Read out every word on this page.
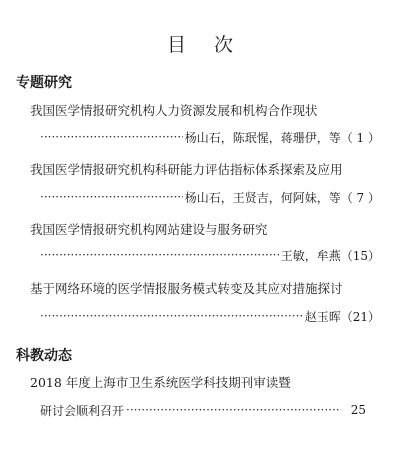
目次
专题研究
我国医学情报研究机构人力资源发展和机构合作现状
·····
杨山石，陈珉惺，蒋珊伊，等 （ 1 ）
我国医学情报研究机构科研能力评估指标体系探索及应用
·····
杨山石，王贤吉，何阿妹，等 （ 7 ）
我国医学情报研究机构网站建设与服务研究
·····
王敏，牟燕 （15）
基于网络环境的医学情报服务模式转变及其应对措施探讨
·····
赵玉晖 （21）
科教动态
2018 年度上海市卫生系统医学科技期刊审读暨
研讨会顺利召开
·····	25
